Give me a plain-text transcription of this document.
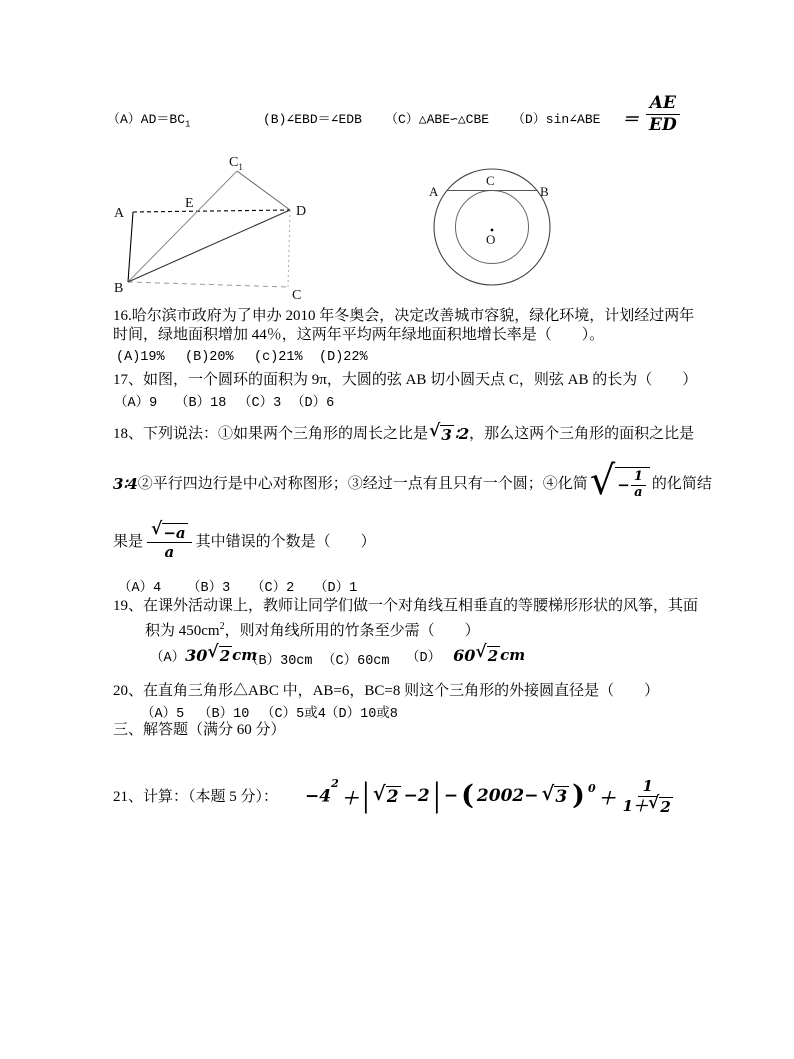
$(A)AD=BC_1$	(B)∠EBD＝∠EDB （C）△ABE∽△CBE （D）sin∠ABE ＝ $\frac{AE}{ED}$
A
B	C
D
$C_1$
E
A
C
B
O
16.哈尔滨市政府为了申办 2010 年冬奥会，决定改善城市容貌，绿化环境，计划经过两年
时间，绿地面积增加 44％，这两年平均两年绿地面积地增长率是（　　）。
(A)19% (B)20% (c)21% (D)22%
17、如图，一个圆环的面积为 9π，大圆的弦 AB 切小圆天点 C，则弦 AB 的长为（　　）
（A）9 （B）18 （C）3 （D）6
18、下列说法：①如果两个三角形的周长之比是 √ 3 ∶2 ，那么这两个三角形的面积之比是
3∶4 ②平行四边行是中心对称图形；③经过一点有且只有一个圆；④化简 √ − $\frac{1}{a}$ 的化简结
果是 $\frac{√ -a}{a}$ 其中错误的个数是（　　）
（A）4 （B）3 （C）2 （D）1
19、在课外活动课上，教师让同学们做一个对角线互相垂直的等腰梯形形状的风筝，其面
积为 $450cm^2$，则对角线所用的竹条至少需（　　）
（A） 30 √ 2 cm
（B）30cm （C）60cm （D） 60 √ 2 cm
20、在直角三角形△ABC 中，AB=6，BC=8 则这个三角形的外接圆直径是（　　）
（A）5 （B）10 （C）5或4 （D）10或8
三、解答题（满分 60 分）
21、计算：（本题 5 分）： $-4^2$
＋ | √ 2 −2 | − ( 2002− √ 3 ) $^0$
＋ $\frac{1}{1+ √ 2}$
